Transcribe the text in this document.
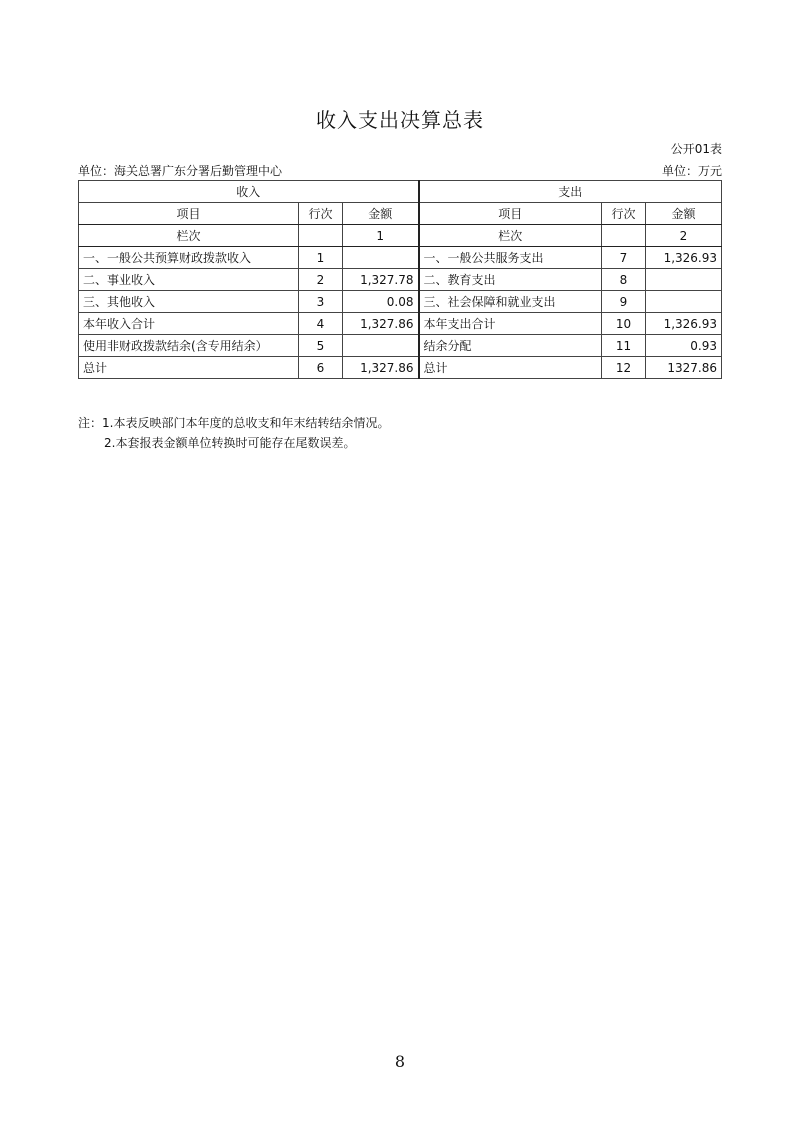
收入支出决算总表
公开01表
单位：海关总署广东分署后勤管理中心	单位：万元
收入			支出		
项目	行次	金额	项目	行次	金额
栏次		1	栏次		2
一、一般公共预算财政拨款收入	1		一、一般公共服务支出	7	1,326.93
二、事业收入	2	1,327.78	二、教育支出	8	
三、其他收入	3	0.08	三、社会保障和就业支出	9	
本年收入合计	4	1,327.86	本年支出合计	10	1,326.93
使用非财政拨款结余(含专用结余）	5		结余分配	11	0.93
总计	6	1,327.86	总计	12	1327.86
注：1.本表反映部门本年度的总收支和年末结转结余情况。
2.本套报表金额单位转换时可能存在尾数误差。
8
